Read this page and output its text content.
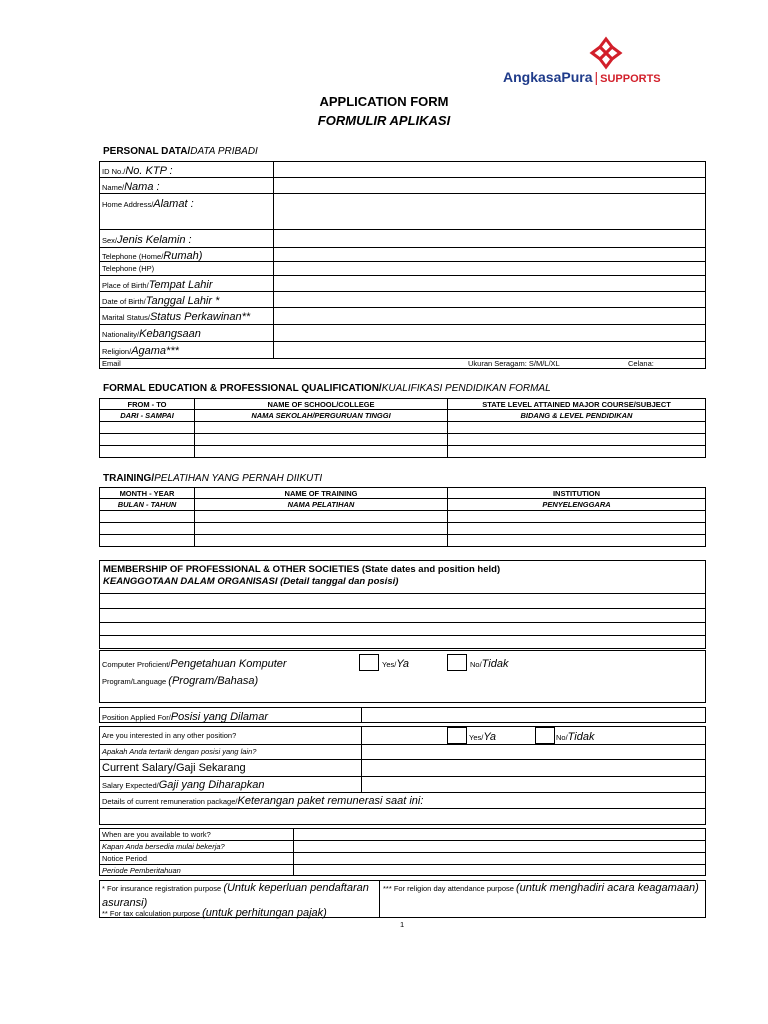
AngkasaPura | SUPPORTS
APPLICATION FORM
FORMULIR APLIKASI
PERSONAL DATA/DATA PRIBADI
ID No./No. KTP :
Name/Nama :
Home Address/Alamat :
Sex/Jenis Kelamin :
Telephone (Home/Rumah)
Telephone (HP)
Place of Birth/Tempat Lahir
Date of Birth/Tanggal Lahir *
Marital Status/Status Perkawinan**
Nationality/Kebangsaan
Religion/Agama***
Email	Ukuran Seragam: S/M/L/XL	Celana:
FORMAL EDUCATION & PROFESSIONAL QUALIFICATION/KUALIFIKASI PENDIDIKAN FORMAL
FROM - TO	NAME OF SCHOOL/COLLEGE	STATE LEVEL ATTAINED MAJOR COURSE/SUBJECT
DARI - SAMPAI	NAMA SEKOLAH/PERGURUAN TINGGI	BIDANG & LEVEL PENDIDIKAN

TRAINING/PELATIHAN YANG PERNAH DIIKUTI
MONTH - YEAR	NAME OF TRAINING	INSTITUTION
BULAN - TAHUN	NAMA PELATIHAN	PENYELENGGARA

MEMBERSHIP OF PROFESSIONAL & OTHER SOCIETIES (State dates and position held)
KEANGGOTAAN DALAM ORGANISASI (Detail tanggal dan posisi)
Computer Proficient/Pengetahuan Komputer
Program/Language (Program/Bahasa)
Yes/Ya	No/Tidak
Position Applied For/Posisi yang Dilamar
Are you interested in any other position?	Yes/Ya	No/Tidak
Apakah Anda tertarik dengan posisi yang lain?
Current Salary/Gaji Sekarang
Salary Expected/Gaji yang Diharapkan
Details of current remuneration package/Keterangan paket remunerasi saat ini:
When are you available to work?
Kapan Anda bersedia mulai bekerja?
Notice Period
Periode Pemberitahuan
* For insurance registration purpose (Untuk keperluan pendaftaran asuransi)
** For tax calculation purpose (untuk perhitungan pajak)
*** For religion day attendance purpose (untuk menghadiri acara keagamaan)
1
